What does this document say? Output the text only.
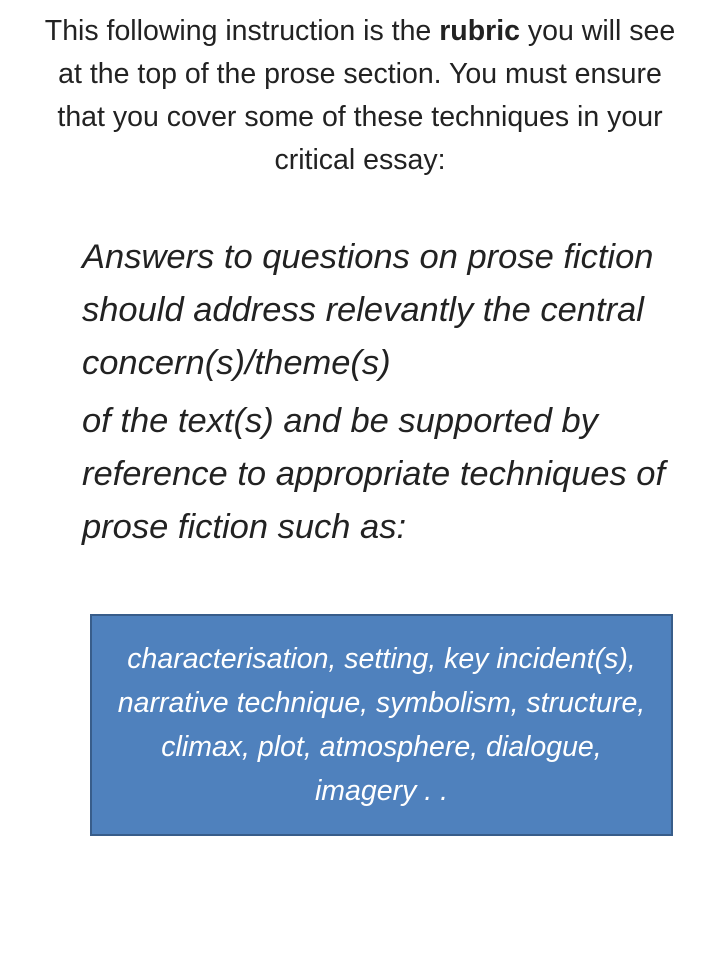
This following instruction is the rubric you will see at the top of the prose section. You must ensure that you cover some of these techniques in your critical essay:

Answers to questions on prose fiction should address relevantly the central concern(s)/theme(s)

of the text(s) and be supported by reference to appropriate techniques of prose fiction such as:

characterisation, setting, key incident(s), narrative technique, symbolism, structure, climax, plot, atmosphere, dialogue, imagery . .
